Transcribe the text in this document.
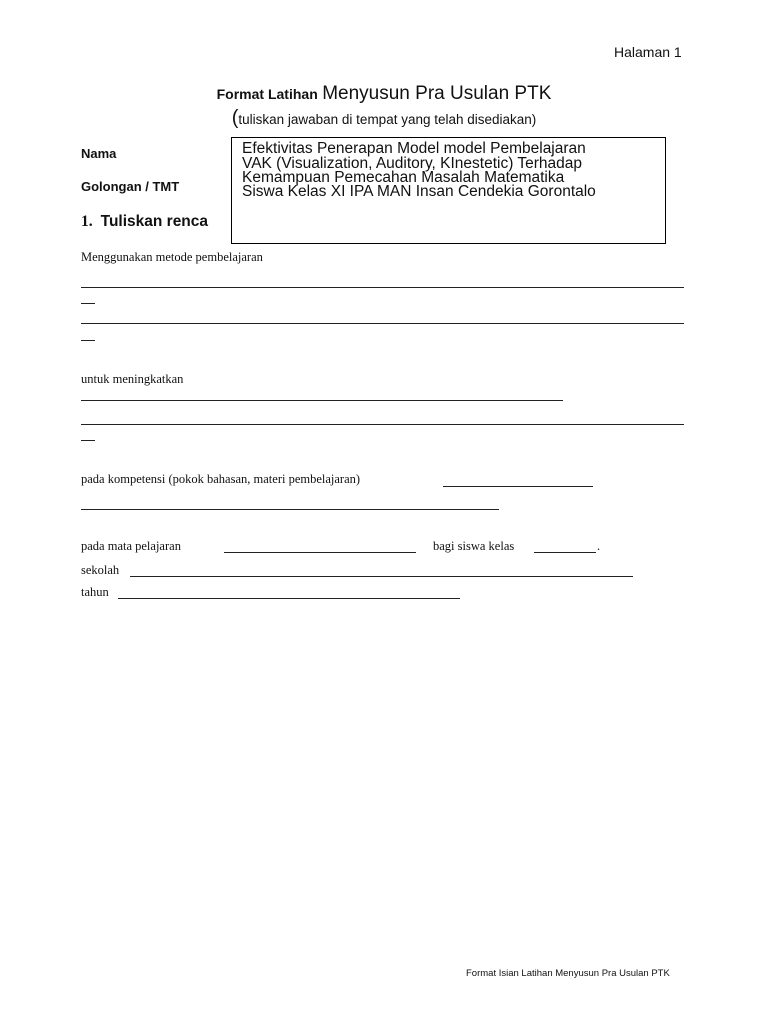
Halaman 1
Format Latihan Menyusun Pra Usulan PTK
(tuliskan jawaban di tempat yang telah disediakan)
Nama
Golongan / TMT
1. Tuliskan renca
Efektivitas Penerapan Model model Pembelajaran
VAK (Visualization, Auditory, KInestetic) Terhadap
Kemampuan Pemecahan Masalah Matematika
Siswa Kelas XI IPA MAN Insan Cendekia Gorontalo
Menggunakan metode pembelajaran
untuk meningkatkan
pada kompetensi (pokok bahasan, materi pembelajaran)
pada mata pelajaran	bagi siswa kelas	.
sekolah
tahun
Format Isian Latihan Menyusun Pra Usulan PTK
